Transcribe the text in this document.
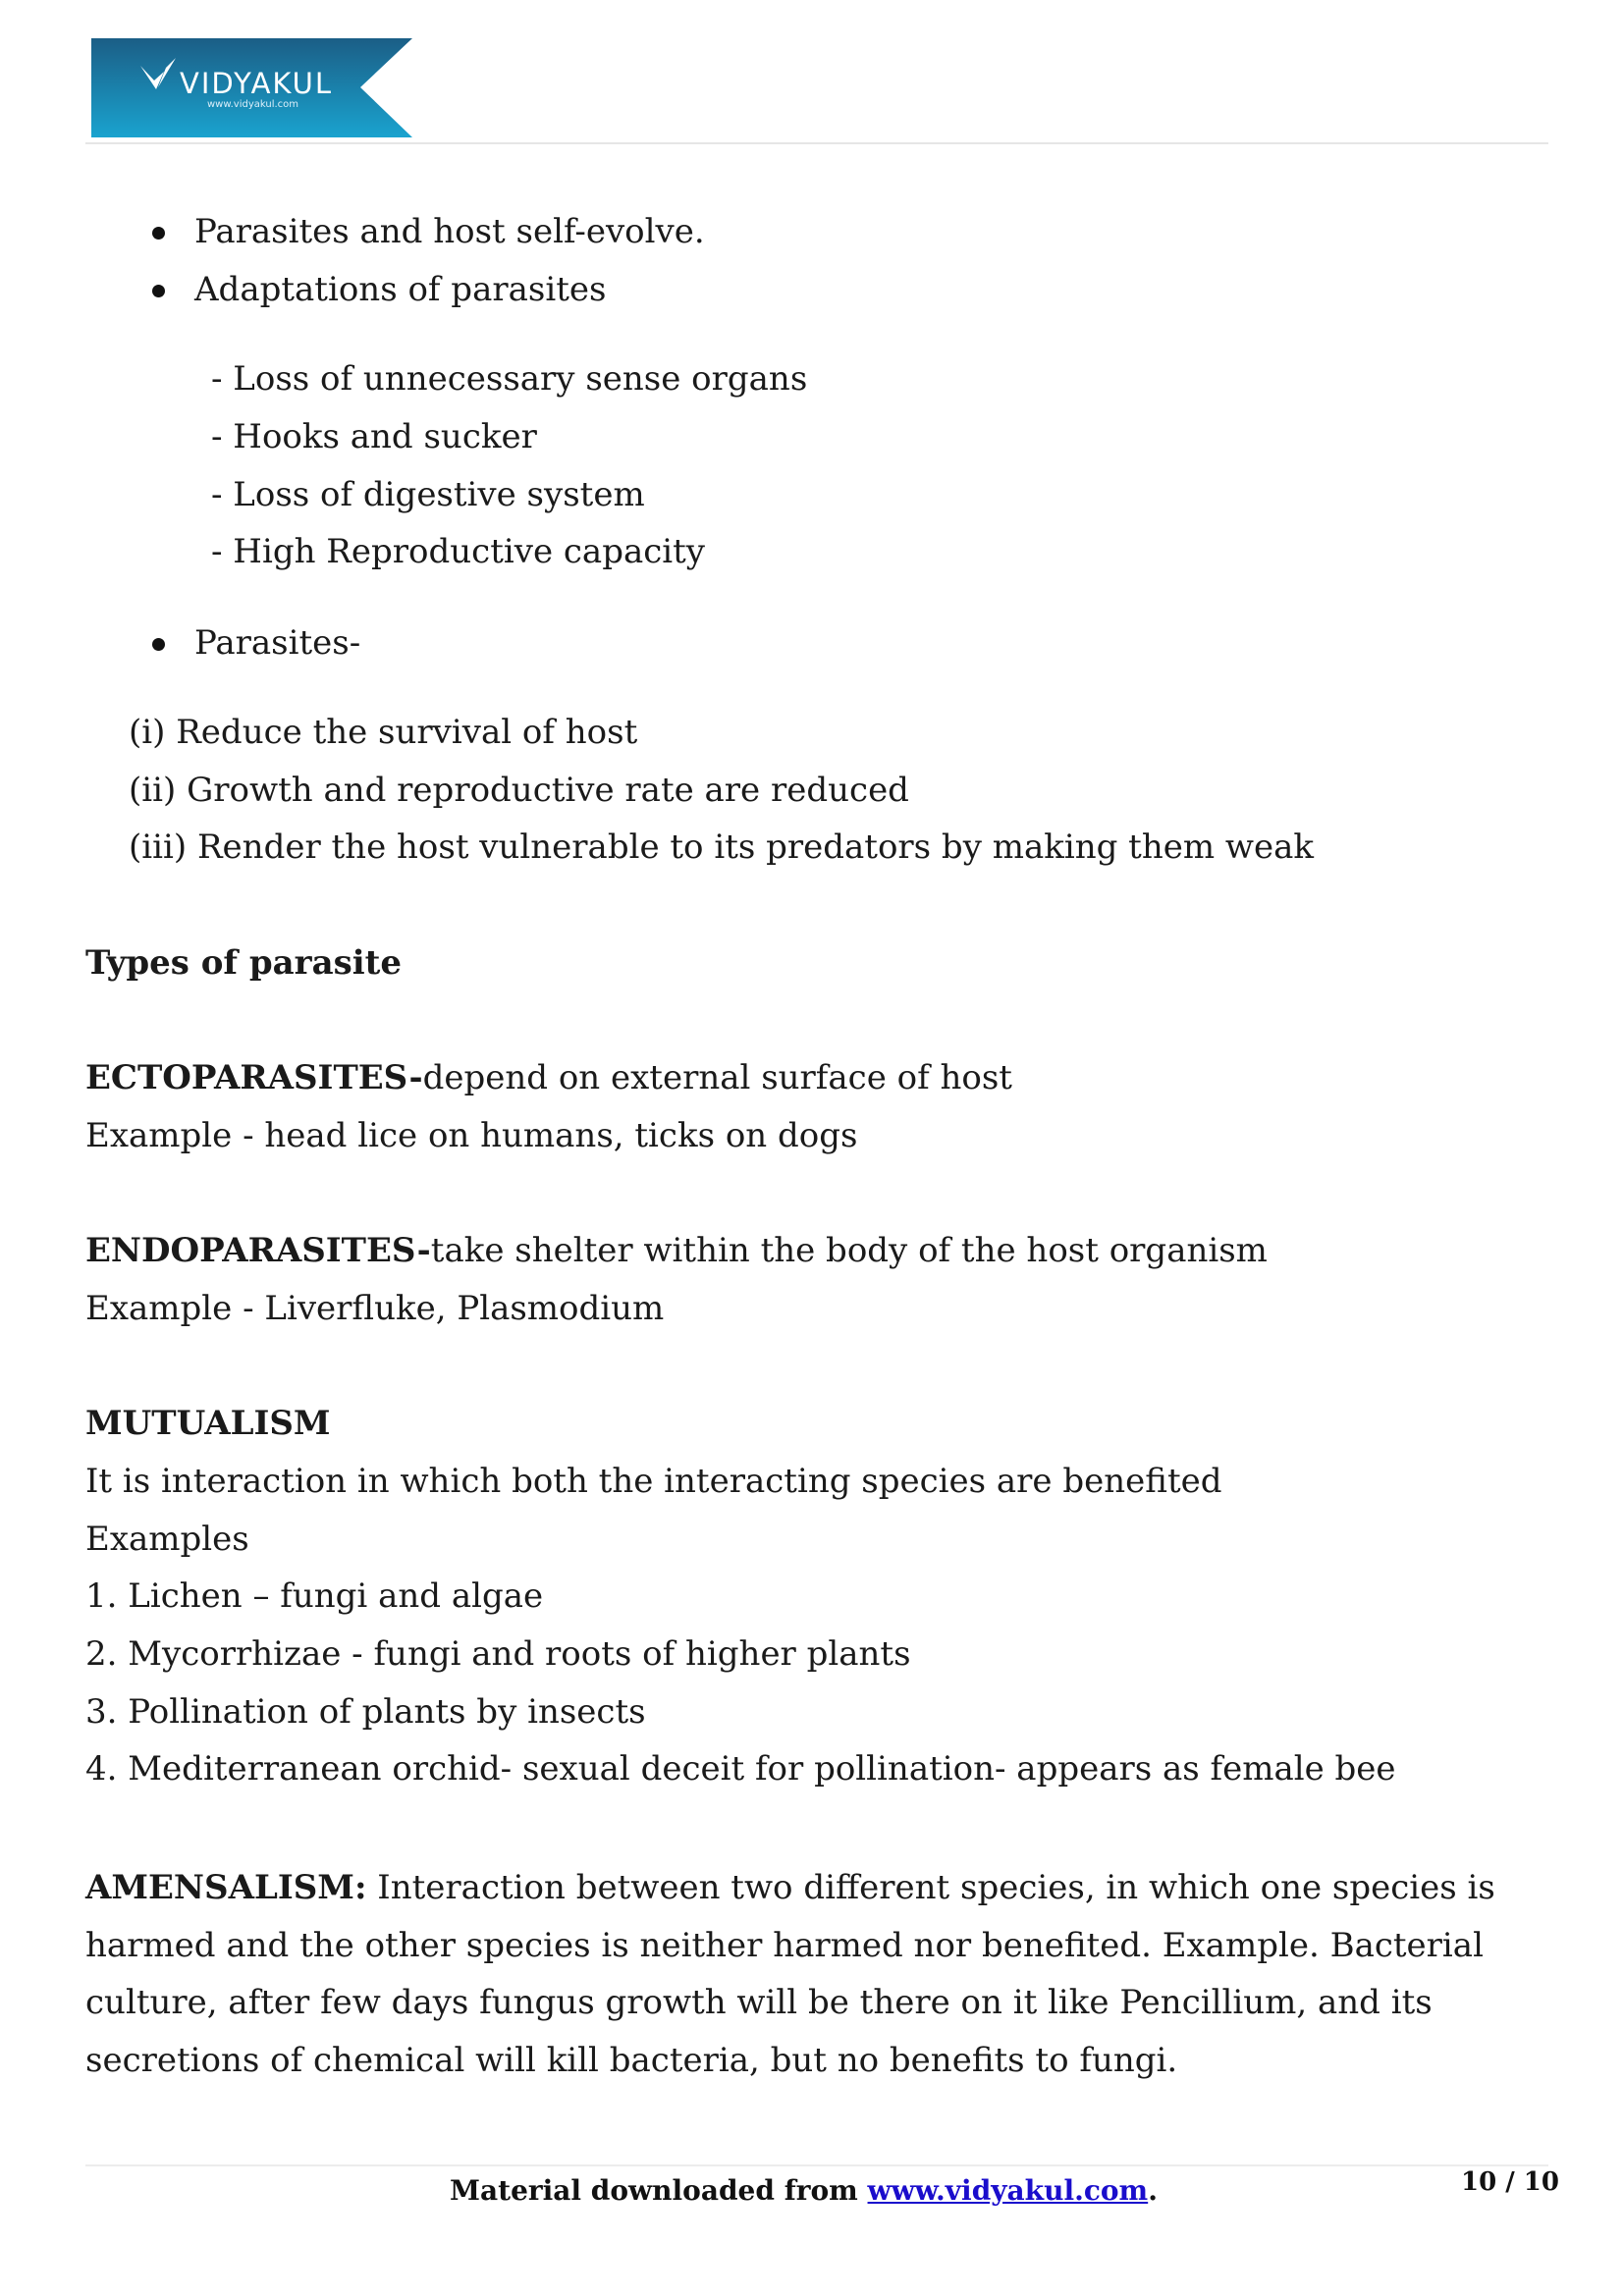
VIDYAKUL
www.vidyakul.com
Parasites and host self-evolve.
Adaptations of parasites
- Loss of unnecessary sense organs
- Hooks and sucker
- Loss of digestive system
- High Reproductive capacity
Parasites-
(i) Reduce the survival of host
(ii) Growth and reproductive rate are reduced
(iii) Render the host vulnerable to its predators by making them weak
Types of parasite
ECTOPARASITES-depend on external surface of host
Example - head lice on humans, ticks on dogs
ENDOPARASITES-take shelter within the body of the host organism
Example - Liverfluke, Plasmodium
MUTUALISM
It is interaction in which both the interacting species are benefited
Examples
1. Lichen – fungi and algae
2. Mycorrhizae - fungi and roots of higher plants
3. Pollination of plants by insects
4. Mediterranean orchid- sexual deceit for pollination- appears as female bee
AMENSALISM: Interaction between two different species, in which one species is harmed and the other species is neither harmed nor benefited. Example. Bacterial culture, after few days fungus growth will be there on it like Pencillium, and its secretions of chemical will kill bacteria, but no benefits to fungi.
Material downloaded from www.vidyakul.com.	10 / 10
